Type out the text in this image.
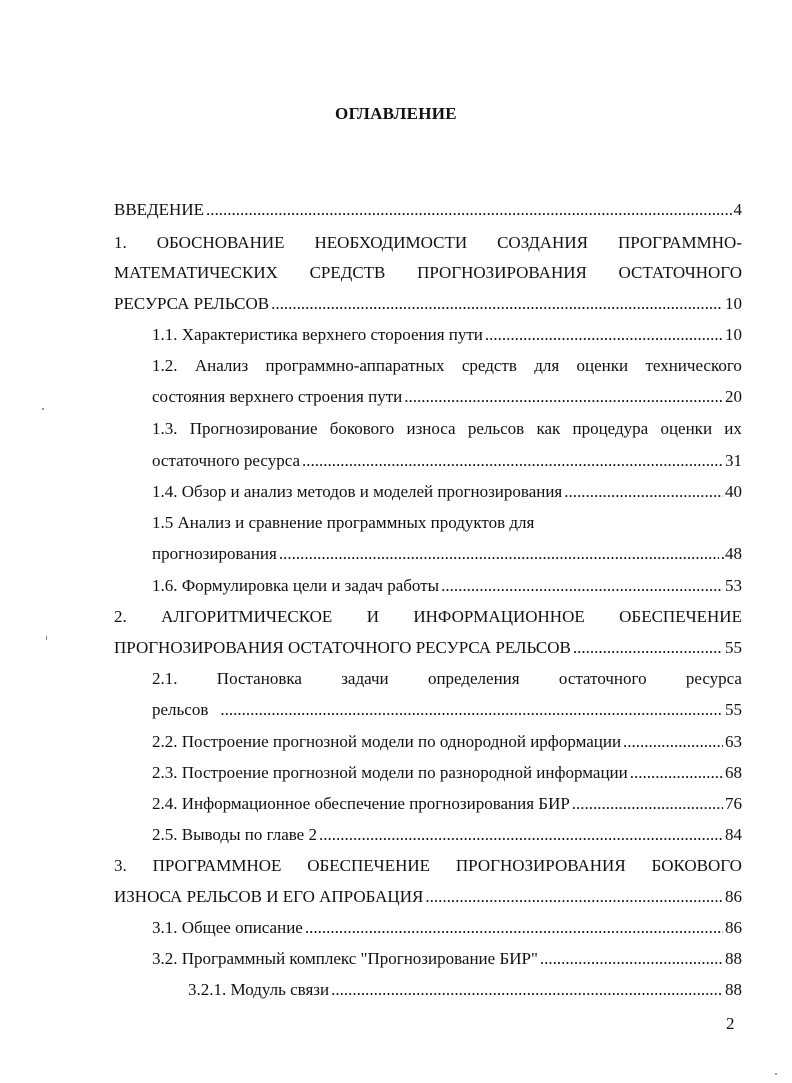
ОГЛАВЛЕНИЕ
ВВЕДЕНИЕ .....	4
1. ОБОСНОВАНИЕ НЕОБХОДИМОСТИ СОЗДАНИЯ ПРОГРАММНО-
МАТЕМАТИЧЕСКИХ СРЕДСТВ ПРОГНОЗИРОВАНИЯ ОСТАТОЧНОГО
РЕСУРСА РЕЛЬСОВ .....	10
1.1. Характеристика верхнего стороения пути .....	10
1.2. Анализ программно-аппаратных средств для оценки технического
состояния верхнего строения пути .....	20
1.3. Прогнозирование бокового износа рельсов как процедура оценки их
остаточного ресурса .....	31
1.4. Обзор и анализ методов и моделей прогнозирования .....	40
1.5 Анализ и сравнение программных продуктов для
прогнозирования .....	.48
1.6. Формулировка цели и задач работы .....	53
2. АЛГОРИТМИЧЕСКОЕ И ИНФОРМАЦИОННОЕ ОБЕСПЕЧЕНИЕ
ПРОГНОЗИРОВАНИЯ ОСТАТОЧНОГО РЕСУРСА РЕЛЬСОВ .....	55
2.1. Постановка задачи определения остаточного ресурса
рельсов .....	55
2.2. Построение прогнозной модели по однородной ирформации .....	63
2.3. Построение прогнозной модели по разнородной информации .....	68
2.4. Информационное обеспечение прогнозирования БИР .....	76
2.5. Выводы по главе 2 .....	84
3. ПРОГРАММНОЕ ОБЕСПЕЧЕНИЕ ПРОГНОЗИРОВАНИЯ БОКОВОГО
ИЗНОСА РЕЛЬСОВ И ЕГО АПРОБАЦИЯ .....	86
3.1. Общее описание .....	86
3.2. Программный комплекс "Прогнозирование БИР" .....	88
3.2.1. Модуль связи .....	88
2
